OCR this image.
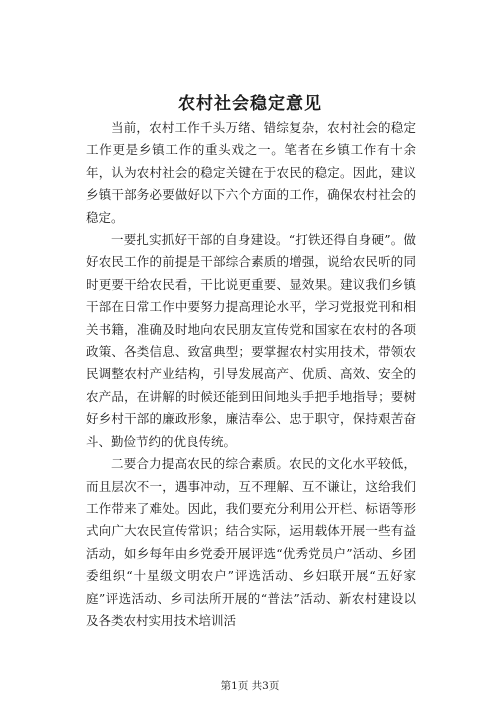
农村社会稳定意见

当前，农村工作千头万绪、错综复杂，农村社会的稳定工作更是乡镇工作的重头戏之一。笔者在乡镇工作有十余年，认为农村社会的稳定关键在于农民的稳定。因此，建议乡镇干部务必要做好以下六个方面的工作，确保农村社会的稳定。

一要扎实抓好干部的自身建设。“打铁还得自身硬”。做好农民工作的前提是干部综合素质的增强，说给农民听的同时更要干给农民看，干比说更重要、显效果。建议我们乡镇干部在日常工作中要努力提高理论水平，学习党报党刊和相关书籍，准确及时地向农民朋友宣传党和国家在农村的各项政策、各类信息、致富典型；要掌握农村实用技术，带领农民调整农村产业结构，引导发展高产、优质、高效、安全的农产品，在讲解的时候还能到田间地头手把手地指导；要树好乡村干部的廉政形象，廉洁奉公、忠于职守，保持艰苦奋斗、勤俭节约的优良传统。

二要合力提高农民的综合素质。农民的文化水平较低，而且层次不一，遇事冲动，互不理解、互不谦让，这给我们工作带来了难处。因此，我们要充分利用公开栏、标语等形式向广大农民宣传常识；结合实际，运用载体开展一些有益活动，如乡每年由乡党委开展评选“优秀党员户”活动、乡团委组织“十星级文明农户”评选活动、乡妇联开展“五好家庭”评选活动、乡司法所开展的“普法”活动、新农村建设以及各类农村实用技术培训活

第1页 共3页
